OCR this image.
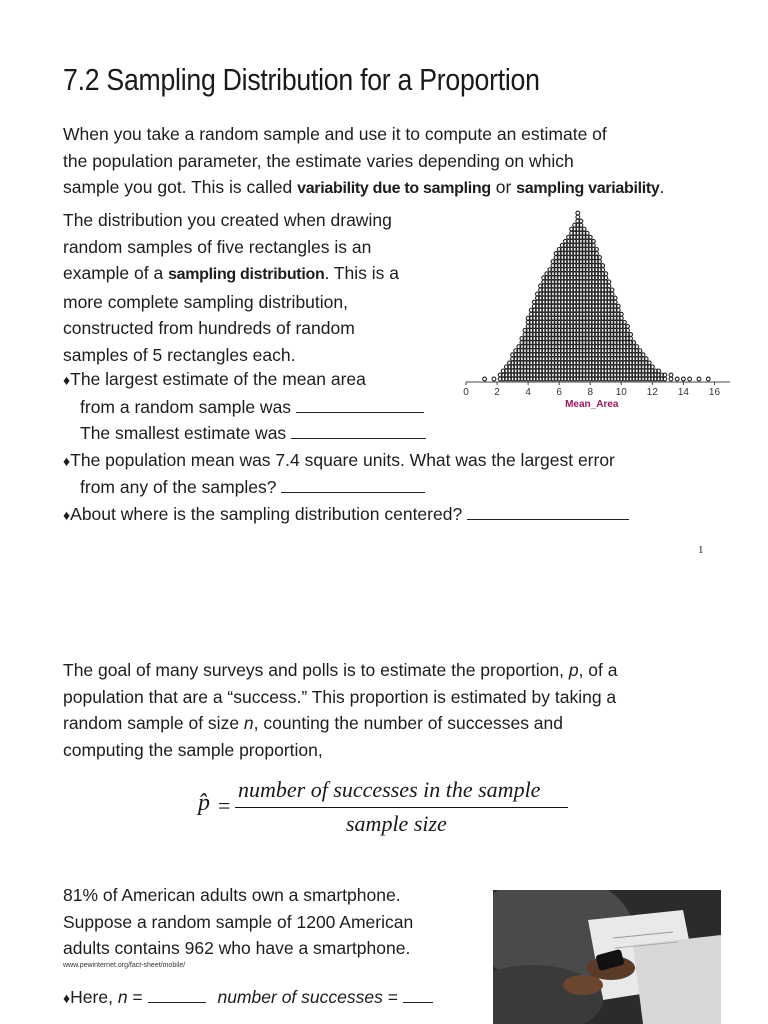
7.2 Sampling Distribution for a Proportion
When you take a random sample and use it to compute an estimate of
the population parameter, the estimate varies depending on which
sample you got. This is called variability due to sampling or sampling variability.
The distribution you created when drawing
random samples of five rectangles is an
example of a sampling distribution. This is a
more complete sampling distribution,
constructed from hundreds of random
samples of 5 rectangles each.
0	2	4	6	8 10 12 14 16
Mean_Area
♦The largest estimate of the mean area
from a random sample was
The smallest estimate was
♦The population mean was 7.4 square units. What was the largest error
from any of the samples?
♦About where is the sampling distribution centered?
1
The goal of many surveys and polls is to estimate the proportion, p, of a
population that are a “success.” This proportion is estimated by taking a
random sample of size n, counting the number of successes and
computing the sample proportion,
p̂ =
number of successes in the sample
sample size
81% of American adults own a smartphone.
Suppose a random sample of 1200 American
adults contains 962 who have a smartphone.
www.pewinternet.org/fact-sheet/mobile/
♦Here, n =	number of successes =
